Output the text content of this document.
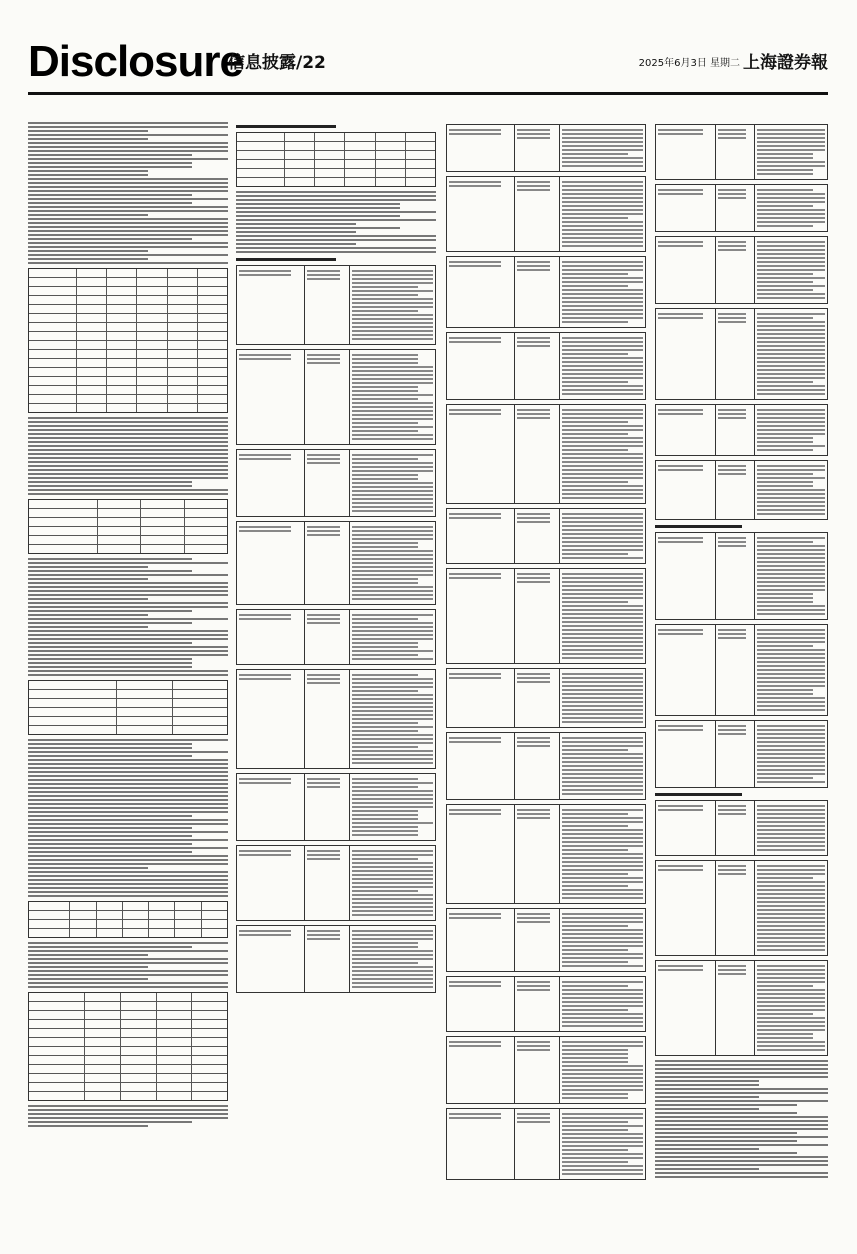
Disclosure
信息披露/22	2025年6月3日 星期二 上海證券報
